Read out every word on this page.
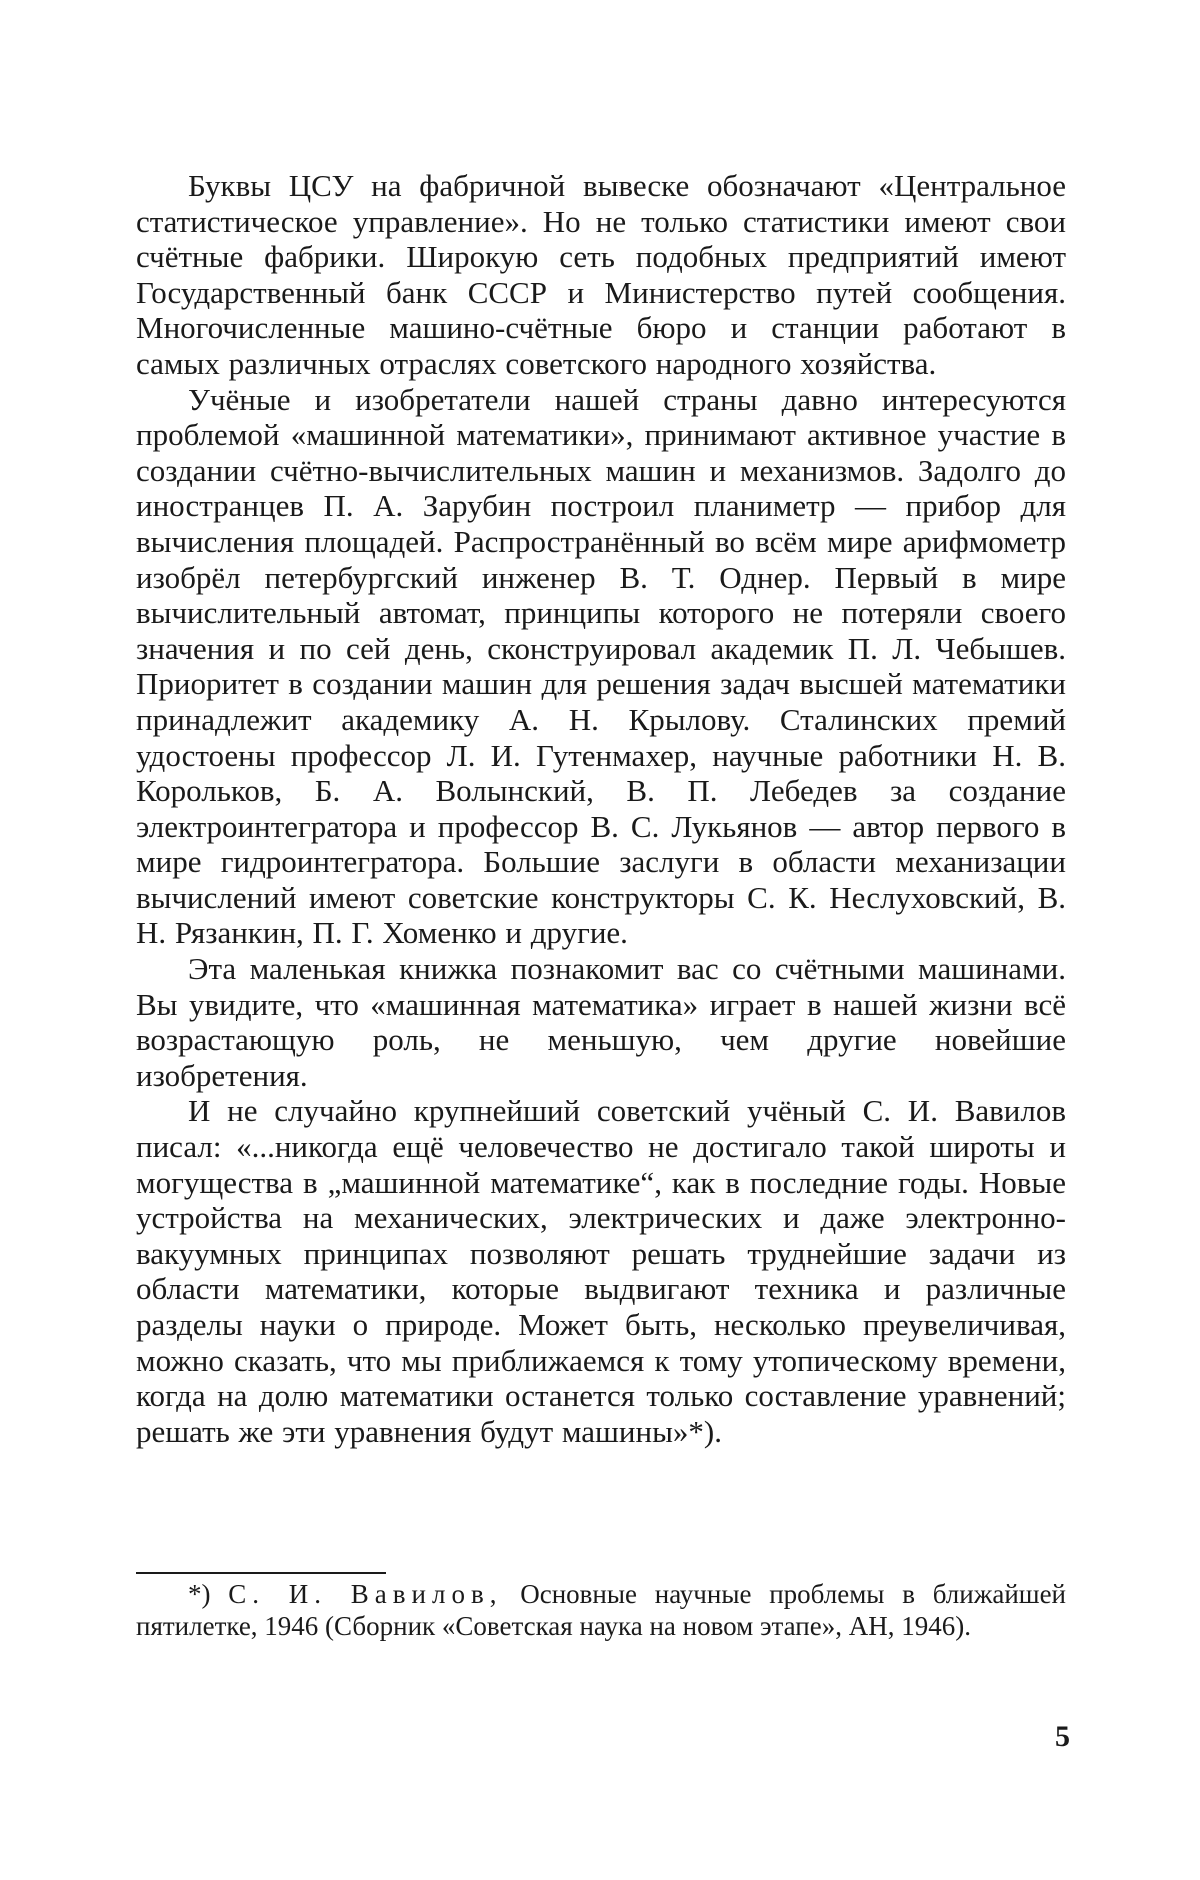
Буквы ЦСУ на фабричной вывеске обозначают «Центральное статистическое управление». Но не только статистики имеют свои счётные фабрики. Широкую сеть подобных предприятий имеют Государственный банк СССР и Министерство путей сообщения. Многочисленные машино-счётные бюро и станции работают в самых различных отраслях советского народного хозяйства.

Учёные и изобретатели нашей страны давно интересуются проблемой «машинной математики», принимают активное участие в создании счётно-вычислительных машин и механизмов. Задолго до иностранцев П. А. Зарубин построил планиметр — прибор для вычисления площадей. Распространённый во всём мире арифмометр изобрёл петербургский инженер В. Т. Однер. Первый в мире вычислительный автомат, принципы которого не потеряли своего значения и по сей день, сконструировал академик П. Л. Чебышев. Приоритет в создании машин для решения задач высшей математики принадлежит академику А. Н. Крылову. Сталинских премий удостоены профессор Л. И. Гутенмахер, научные работники Н. В. Корольков, Б. А. Волынский, В. П. Лебедев за создание электроинтегратора и профессор В. С. Лукьянов — автор первого в мире гидроинтегратора. Большие заслуги в области механизации вычислений имеют советские конструкторы С. К. Неслуховский, В. Н. Рязанкин, П. Г. Хоменко и другие.

Эта маленькая книжка познакомит вас со счётными машинами. Вы увидите, что «машинная математика» играет в нашей жизни всё возрастающую роль, не меньшую, чем другие новейшие изобретения.

И не случайно крупнейший советский учёный С. И. Вавилов писал: «...никогда ещё человечество не достигало такой широты и могущества в „машинной математике“, как в последние годы. Новые устройства на механических, электрических и даже электронно-вакуумных принципах позволяют решать труднейшие задачи из области математики, которые выдвигают техника и различные разделы науки о природе. Может быть, несколько преувеличивая, можно сказать, что мы приближаемся к тому утопическому времени, когда на долю математики останется только составление уравнений; решать же эти уравнения будут машины»*).

*) С. И. Вавилов, Основные научные проблемы в ближайшей пятилетке, 1946 (Сборник «Советская наука на новом этапе», АН, 1946).

5
